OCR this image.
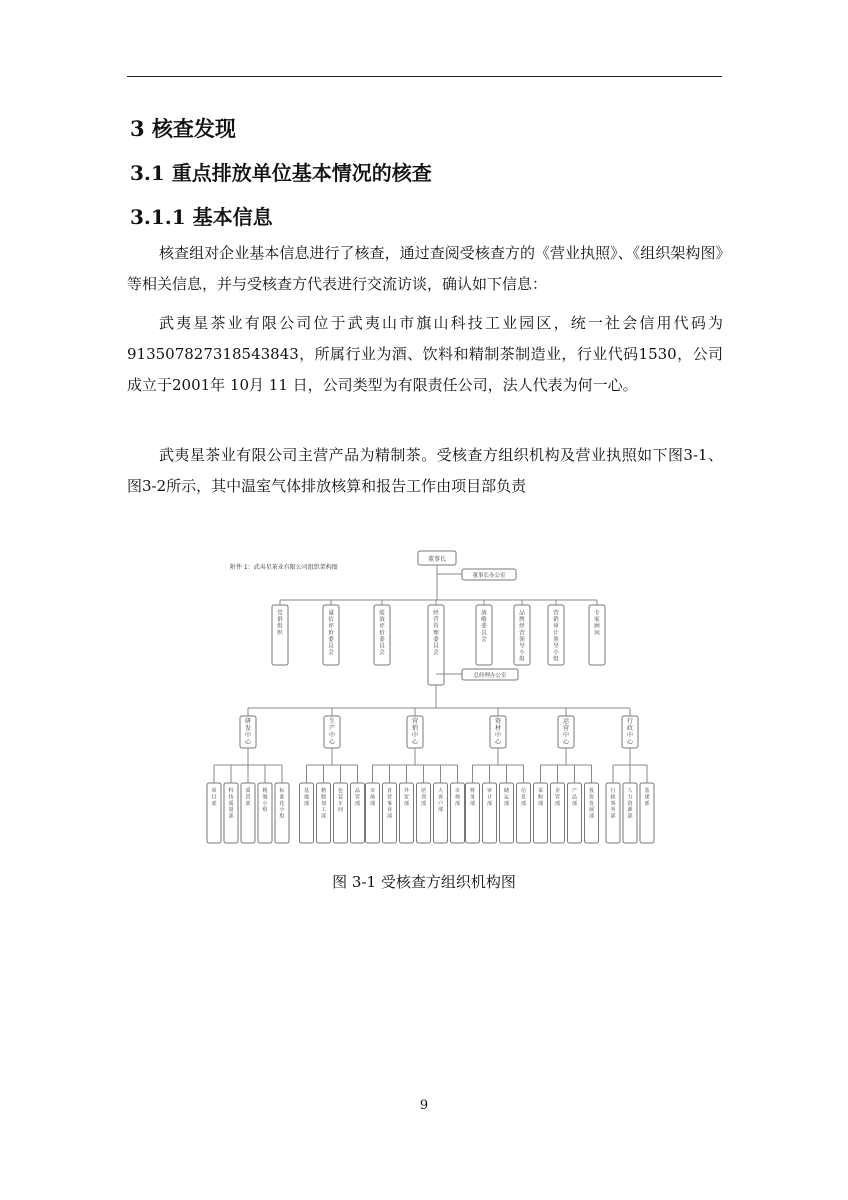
3 核查发现
3.1 重点排放单位基本情况的核查
3.1.1 基本信息

核查组对企业基本信息进行了核查，通过查阅受核查方的《营业执照》、《组织架构图》等相关信息，并与受核查方代表进行交流访谈，确认如下信息：

武夷星茶业有限公司位于武夷山市旗山科技工业园区，统一社会信用代码为913507827318543843，所属行业为酒、饮料和精制茶制造业，行业代码1530，公司成立于2001年 10月 11 日，公司类型为有限责任公司，法人代表为何一心。

武夷星茶业有限公司主营产品为精制茶。受核查方组织机构及营业执照如下图3-1、图3-2所示，其中温室气体排放核算和报告工作由项目部负责

附件 1：武夷星茶业有限公司组织架构图
董事长
董事长办公室
党群组织
诚信评价委员会
绩效评价委员会
经营管理委员会
战略委员会
品牌经营领导小组
营销审计领导小组
专家顾问
总经理办公室
研发中心
项目部
科技质量部
质管部
精制小组
标准化小组
生产中心
基地部
精制加工部
包装车间
品管部
营销中心
市场部
直营事业部
外贸部
培训部
大客户部
市场部
资材中心
财务部
审计部
储运部
信息部
运营中心
采购部
企管部
产品部
投资发展部
行政中心
行政事务部
人力资源部
基建部
图 3-1 受核查方组织机构图
9
